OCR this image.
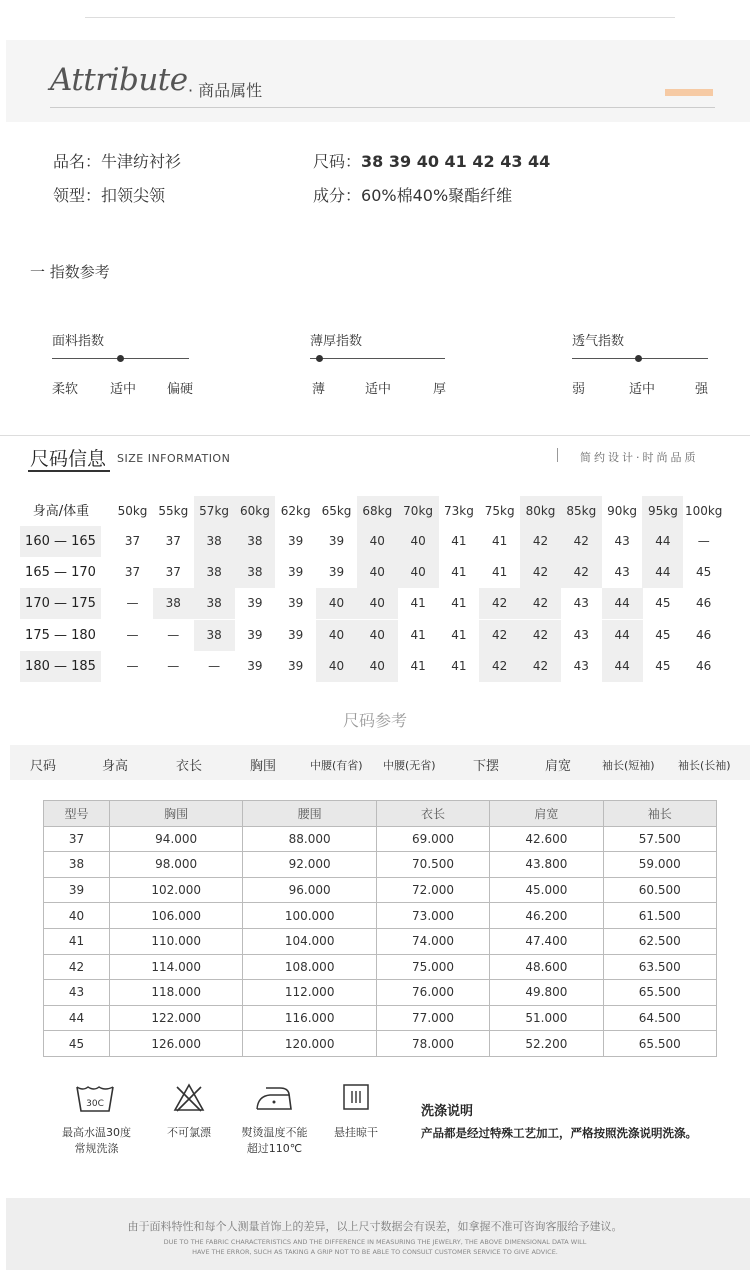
Attribute · 商品属性
品名：牛津纺衬衫	尺码：38 39 40 41 42 43 44
领型：扣领尖领	成分：60%棉40%聚酯纤维
一 指数参考
面料指数
柔软 适中 偏硬
薄厚指数
薄	适中	厚
透气指数
弱	适中	强
尺码信息 SIZE INFORMATION	简约设计·时尚品质
身高/体重	50kg 55kg 57kg 60kg 62kg 65kg 68kg 70kg 73kg 75kg 80kg 85kg 90kg 95kg 100kg
160 — 165	37	37	38	38	39	39	40	40	41	41	42	42	43	44	—
165 — 170	37	37	38	38	39	39	40	40	41	41	42	42	43	44	45
170 — 175	—	38	38	39	39	40	40	41	41	42	42	43	44	45	46
175 — 180	—	—	38	39	39	40	40	41	41	42	42	43	44	45	46
180 — 185	—	—	—	39	39	40	40	41	41	42	42	43	44	45	46
尺码参考
尺码	身高	衣长	胸围	中腰(有省) 中腰(无省)	下摆	肩宽	袖长(短袖) 袖长(长袖)
型号	胸围	腰围	衣长	肩宽	袖长
37	94.000	88.000	69.000	42.600	57.500
38	98.000	92.000	70.500	43.800	59.000
39	102.000	96.000	72.000	45.000	60.500
40	106.000	100.000	73.000	46.200	61.500
41	110.000	104.000	74.000	47.400	62.500
42	114.000	108.000	75.000	48.600	63.500
43	118.000	112.000	76.000	49.800	65.500
44	122.000	116.000	77.000	51.000	64.500
45	126.000	120.000	78.000	52.200	65.500
30C
最高水温30度
常规洗涤
不可氯漂	熨烫温度不能
超过110℃
悬挂晾干
洗涤说明
产品都是经过特殊工艺加工，严格按照洗涤说明洗涤。
由于面料特性和每个人测量首饰上的差异，以上尺寸数据会有误差，如拿握不准可咨询客服给予建议。
DUE TO THE FABRIC CHARACTERISTICS AND THE DIFFERENCE IN MEASURING THE JEWELRY, THE ABOVE DIMENSIONAL DATA WILL
HAVE THE ERROR, SUCH AS TAKING A GRIP NOT TO BE ABLE TO CONSULT CUSTOMER SERVICE TO GIVE ADVICE.
